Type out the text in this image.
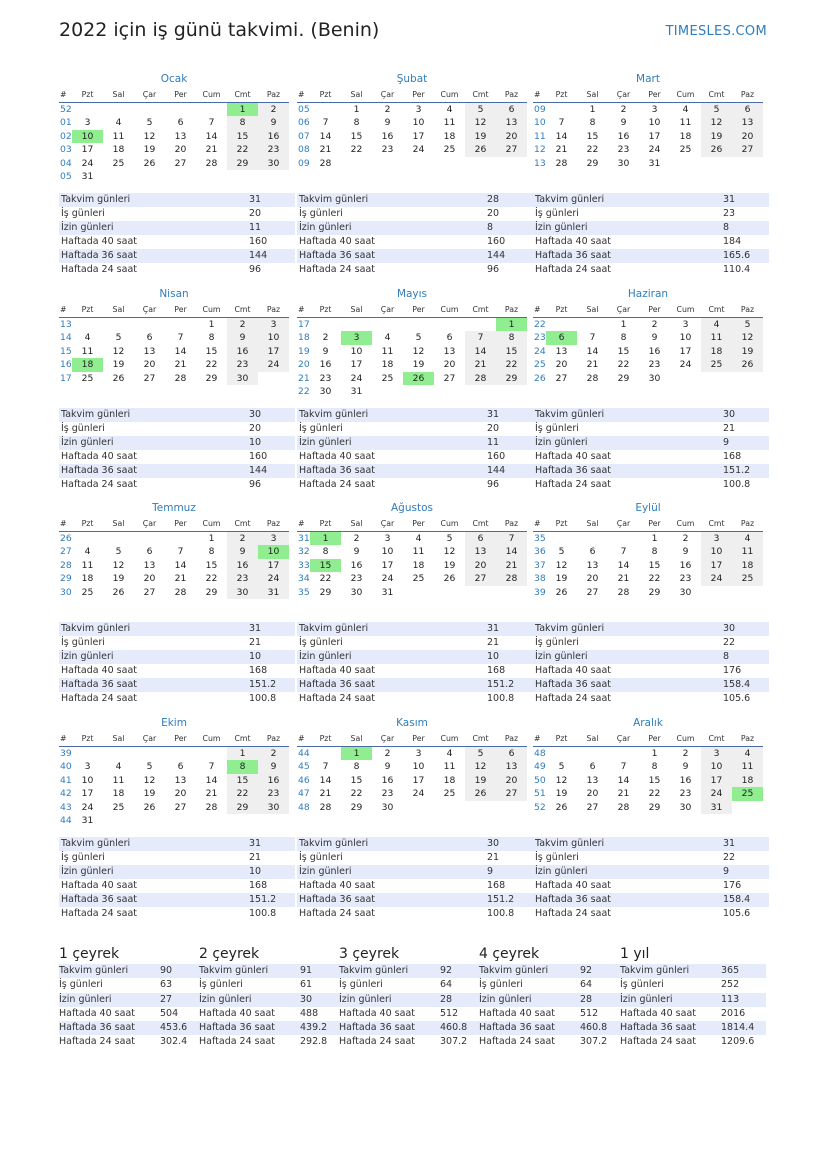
2022 için iş günü takvimi. (Benin)	TIMESLES.COM
Ocak
#	Pzt	Sal	Çar	Per	Cum	Cmt	Paz
52						1	2
01	3	4	5	6	7	8	9
02	10	11	12	13	14	15	16
03	17	18	19	20	21	22	23
04	24	25	26	27	28	29	30
05	31						
Takvim günleri	31
İş günleri	20
İzin günleri	11
Haftada 40 saat	160
Haftada 36 saat	144
Haftada 24 saat	96
Şubat
#	Pzt	Sal	Çar	Per	Cum	Cmt	Paz
05		1	2	3	4	5	6
06	7	8	9	10	11	12	13
07	14	15	16	17	18	19	20
08	21	22	23	24	25	26	27
09	28						
Takvim günleri	28
İş günleri	20
İzin günleri	8
Haftada 40 saat	160
Haftada 36 saat	144
Haftada 24 saat	96
Mart
#	Pzt	Sal	Çar	Per	Cum	Cmt	Paz
09		1	2	3	4	5	6
10	7	8	9	10	11	12	13
11	14	15	16	17	18	19	20
12	21	22	23	24	25	26	27
13	28	29	30	31			
Takvim günleri	31
İş günleri	23
İzin günleri	8
Haftada 40 saat	184
Haftada 36 saat	165.6
Haftada 24 saat	110.4
Nisan
#	Pzt	Sal	Çar	Per	Cum	Cmt	Paz
13					1	2	3
14	4	5	6	7	8	9	10
15	11	12	13	14	15	16	17
16	18	19	20	21	22	23	24
17	25	26	27	28	29	30	
Takvim günleri	30
İş günleri	20
İzin günleri	10
Haftada 40 saat	160
Haftada 36 saat	144
Haftada 24 saat	96
Mayıs
#	Pzt	Sal	Çar	Per	Cum	Cmt	Paz
17							1
18	2	3	4	5	6	7	8
19	9	10	11	12	13	14	15
20	16	17	18	19	20	21	22
21	23	24	25	26	27	28	29
22	30	31					
Takvim günleri	31
İş günleri	20
İzin günleri	11
Haftada 40 saat	160
Haftada 36 saat	144
Haftada 24 saat	96
Haziran
#	Pzt	Sal	Çar	Per	Cum	Cmt	Paz
22			1	2	3	4	5
23	6	7	8	9	10	11	12
24	13	14	15	16	17	18	19
25	20	21	22	23	24	25	26
26	27	28	29	30			
Takvim günleri	30
İş günleri	21
İzin günleri	9
Haftada 40 saat	168
Haftada 36 saat	151.2
Haftada 24 saat	100.8
Temmuz
#	Pzt	Sal	Çar	Per	Cum	Cmt	Paz
26					1	2	3
27	4	5	6	7	8	9	10
28	11	12	13	14	15	16	17
29	18	19	20	21	22	23	24
30	25	26	27	28	29	30	31
Takvim günleri	31
İş günleri	21
İzin günleri	10
Haftada 40 saat	168
Haftada 36 saat	151.2
Haftada 24 saat	100.8
Ağustos
#	Pzt	Sal	Çar	Per	Cum	Cmt	Paz
31	1	2	3	4	5	6	7
32	8	9	10	11	12	13	14
33	15	16	17	18	19	20	21
34	22	23	24	25	26	27	28
35	29	30	31				
Takvim günleri	31
İş günleri	21
İzin günleri	10
Haftada 40 saat	168
Haftada 36 saat	151.2
Haftada 24 saat	100.8
Eylül
#	Pzt	Sal	Çar	Per	Cum	Cmt	Paz
35				1	2	3	4
36	5	6	7	8	9	10	11
37	12	13	14	15	16	17	18
38	19	20	21	22	23	24	25
39	26	27	28	29	30		
Takvim günleri	30
İş günleri	22
İzin günleri	8
Haftada 40 saat	176
Haftada 36 saat	158.4
Haftada 24 saat	105.6
Ekim
#	Pzt	Sal	Çar	Per	Cum	Cmt	Paz
39						1	2
40	3	4	5	6	7	8	9
41	10	11	12	13	14	15	16
42	17	18	19	20	21	22	23
43	24	25	26	27	28	29	30
44	31						
Takvim günleri	31
İş günleri	21
İzin günleri	10
Haftada 40 saat	168
Haftada 36 saat	151.2
Haftada 24 saat	100.8
Kasım
#	Pzt	Sal	Çar	Per	Cum	Cmt	Paz
44		1	2	3	4	5	6
45	7	8	9	10	11	12	13
46	14	15	16	17	18	19	20
47	21	22	23	24	25	26	27
48	28	29	30				
Takvim günleri	30
İş günleri	21
İzin günleri	9
Haftada 40 saat	168
Haftada 36 saat	151.2
Haftada 24 saat	100.8
Aralık
#	Pzt	Sal	Çar	Per	Cum	Cmt	Paz
48				1	2	3	4
49	5	6	7	8	9	10	11
50	12	13	14	15	16	17	18
51	19	20	21	22	23	24	25
52	26	27	28	29	30	31	
Takvim günleri	31
İş günleri	22
İzin günleri	9
Haftada 40 saat	176
Haftada 36 saat	158.4
Haftada 24 saat	105.6
1 çeyrek
Takvim günleri	90
İş günleri	63
İzin günleri	27
Haftada 40 saat	504
Haftada 36 saat	453.6
Haftada 24 saat	302.4
2 çeyrek
Takvim günleri	91
İş günleri	61
İzin günleri	30
Haftada 40 saat	488
Haftada 36 saat	439.2
Haftada 24 saat	292.8
3 çeyrek
Takvim günleri	92
İş günleri	64
İzin günleri	28
Haftada 40 saat	512
Haftada 36 saat	460.8
Haftada 24 saat	307.2
4 çeyrek
Takvim günleri	92
İş günleri	64
İzin günleri	28
Haftada 40 saat	512
Haftada 36 saat	460.8
Haftada 24 saat	307.2
1 yıl
Takvim günleri	365
İş günleri	252
İzin günleri	113
Haftada 40 saat	2016
Haftada 36 saat	1814.4
Haftada 24 saat	1209.6
